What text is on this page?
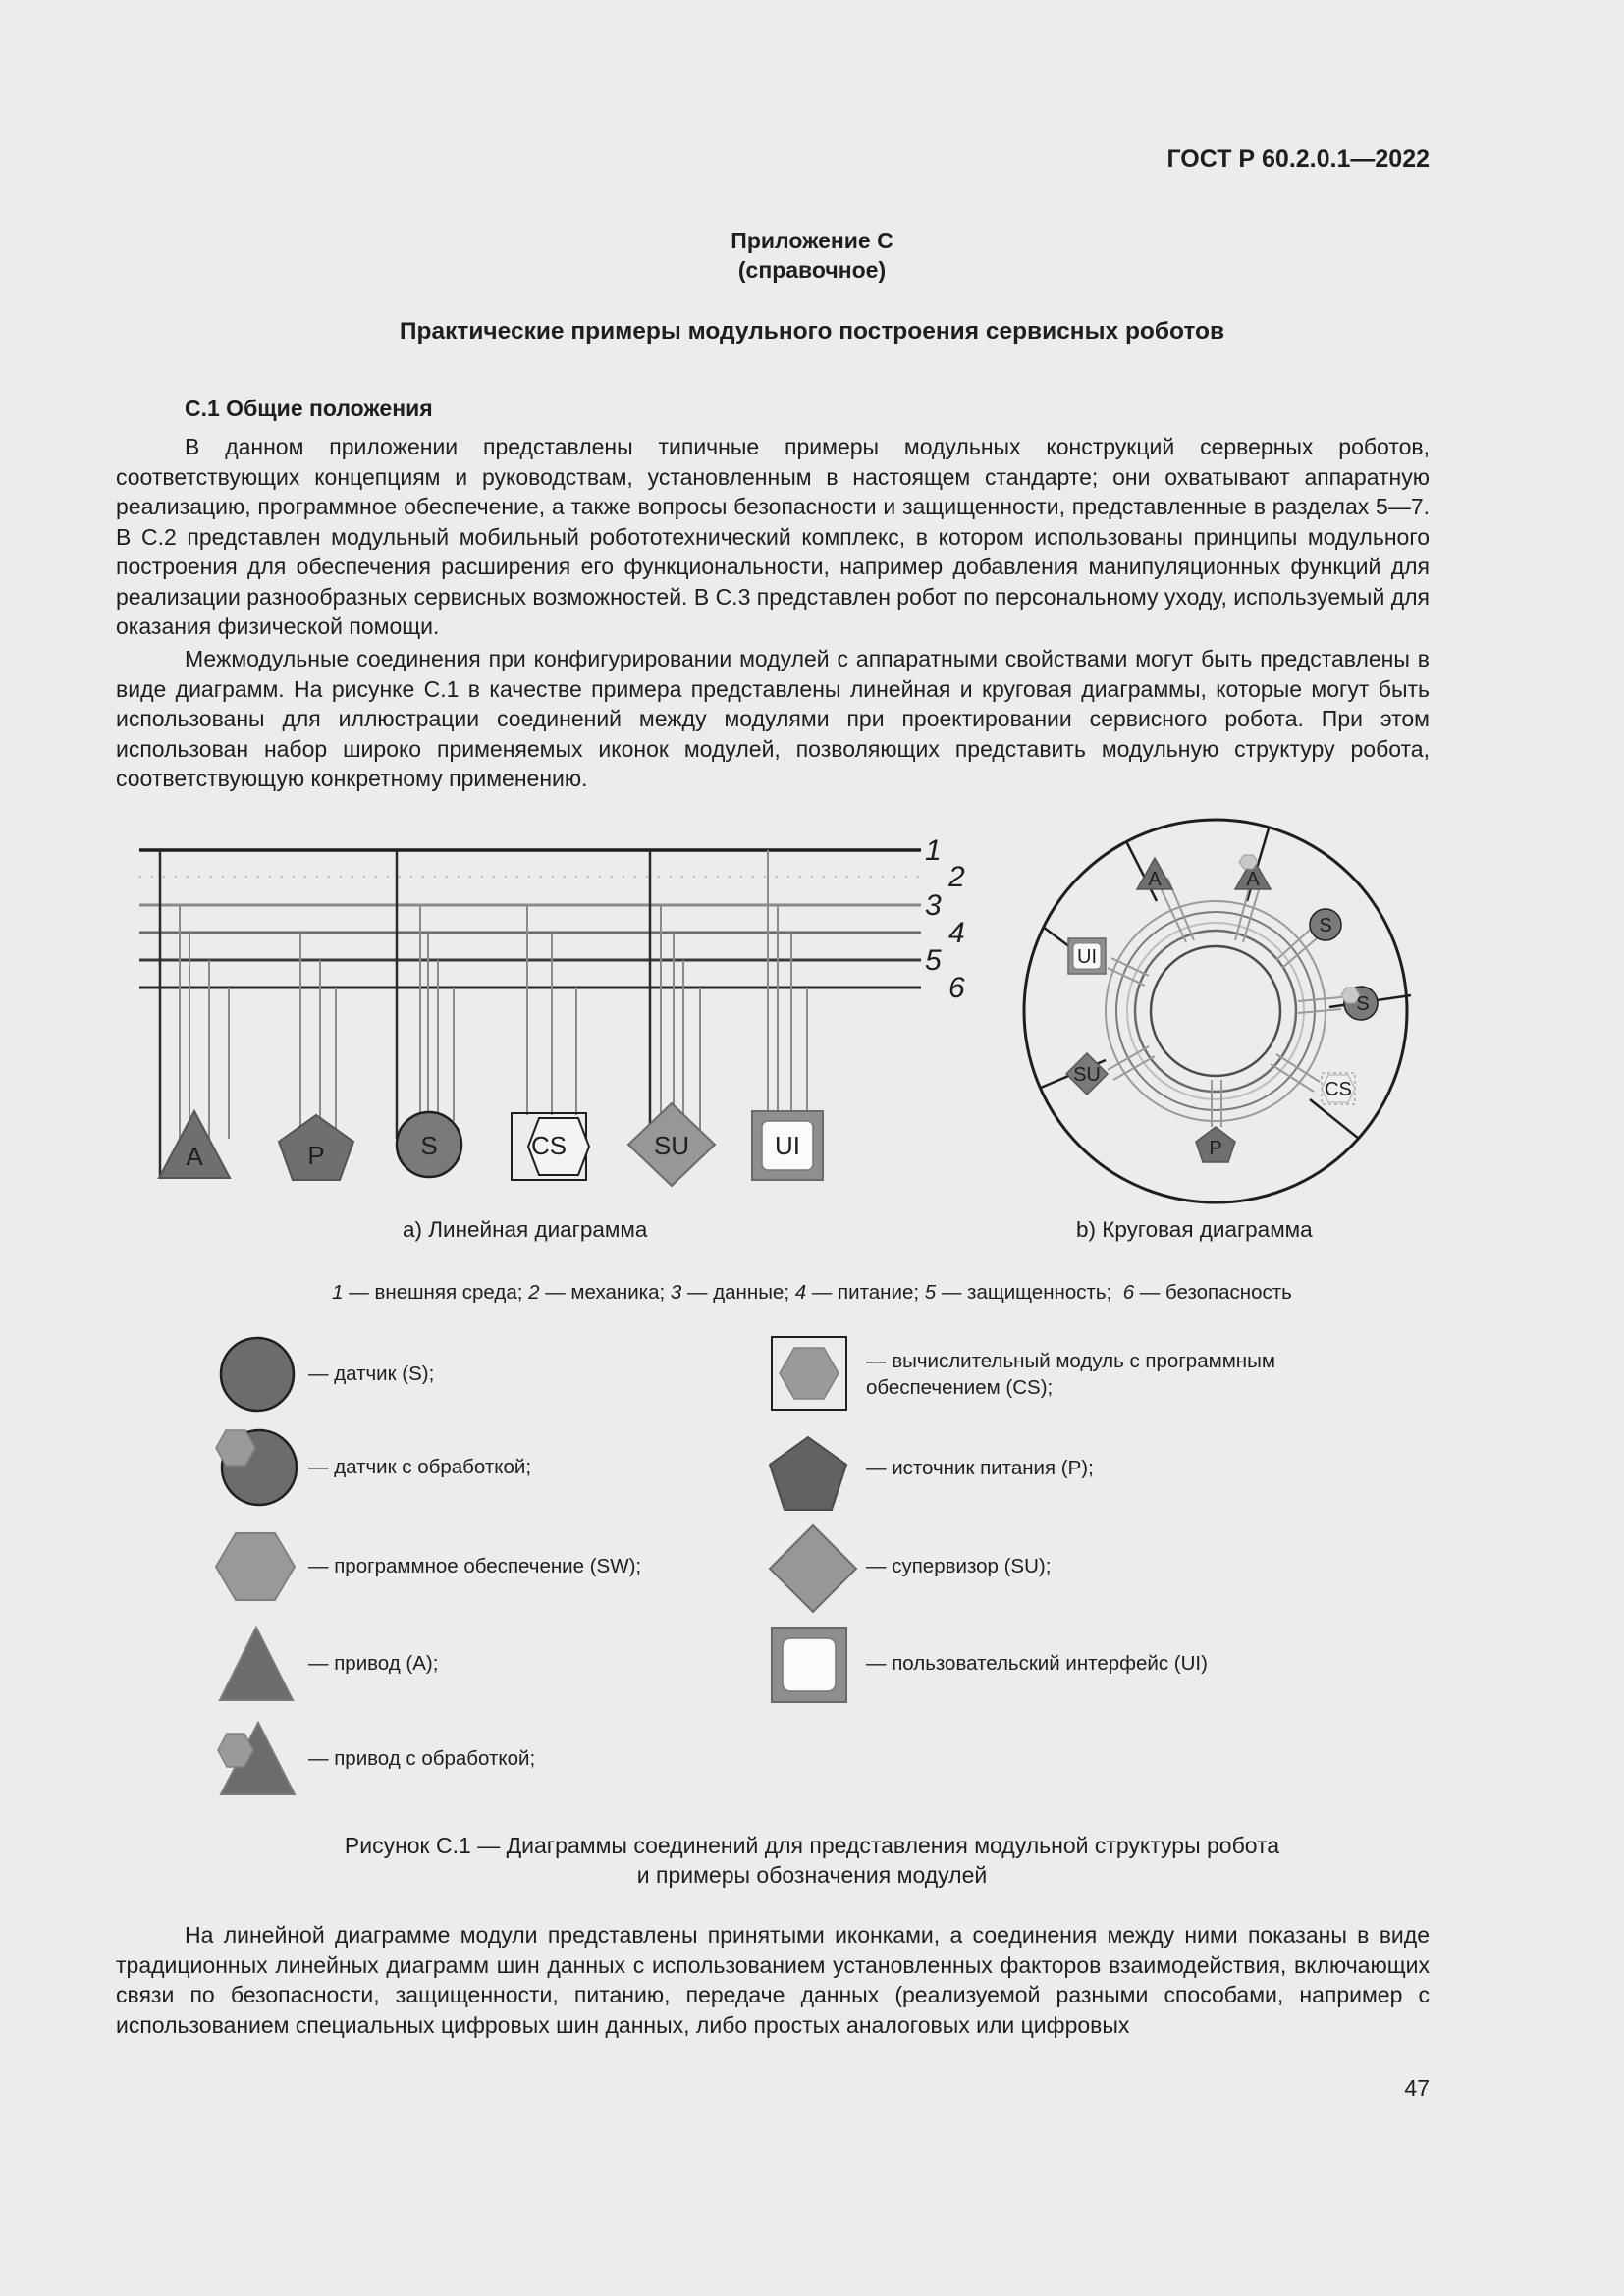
ГОСТ Р 60.2.0.1—2022
Приложение С
(справочное)
Практические примеры модульного построения сервисных роботов
С.1 Общие положения

В данном приложении представлены типичные примеры модульных конструкций серверных роботов, соответствующих концепциям и руководствам, установленным в настоящем стандарте; они охватывают аппаратную реализацию, программное обеспечение, а также вопросы безопасности и защищенности, представленные в разделах 5—7. В С.2 представлен модульный мобильный робототехнический комплекс, в котором использованы принципы модульного построения для обеспечения расширения его функциональности, например добавления манипуляционных функций для реализации разнообразных сервисных возможностей. В С.3 представлен робот по персональному уходу, используемый для оказания физической помощи.

Межмодульные соединения при конфигурировании модулей с аппаратными свойствами могут быть представлены в виде диаграмм. На рисунке С.1 в качестве примера представлены линейная и круговая диаграммы, которые могут быть использованы для иллюстрации соединений между модулями при проектировании сервисного робота. При этом использован набор широко применяемых иконок модулей, позволяющих представить модульную структуру робота, соответствующую конкретному применению.

1
2
3
4
5
6
A	P	S	CS	SU	UI
A	A
S
S
CS
P
SU
UI
а) Линейная диаграмма	b) Круговая диаграмма
1 — внешняя среда; 2 — механика; 3 — данные; 4 — питание; 5 — защищенность; 6 — безопасность
— датчик (S);
— датчик с обработкой;
— программное обеспечение (SW);
— привод (A);
— привод с обработкой;
— вычислительный модуль с программным обеспечением (CS);
— источник питания (P);
— супервизор (SU);
— пользовательский интерфейс (UI)
Рисунок С.1 — Диаграммы соединений для представления модульной структуры робота
и примеры обозначения модулей

На линейной диаграмме модули представлены принятыми иконками, а соединения между ними показаны в виде традиционных линейных диаграмм шин данных с использованием установленных факторов взаимодействия, включающих связи по безопасности, защищенности, питанию, передаче данных (реализуемой разными способами, например с использованием специальных цифровых шин данных, либо простых аналоговых или цифровых

47
